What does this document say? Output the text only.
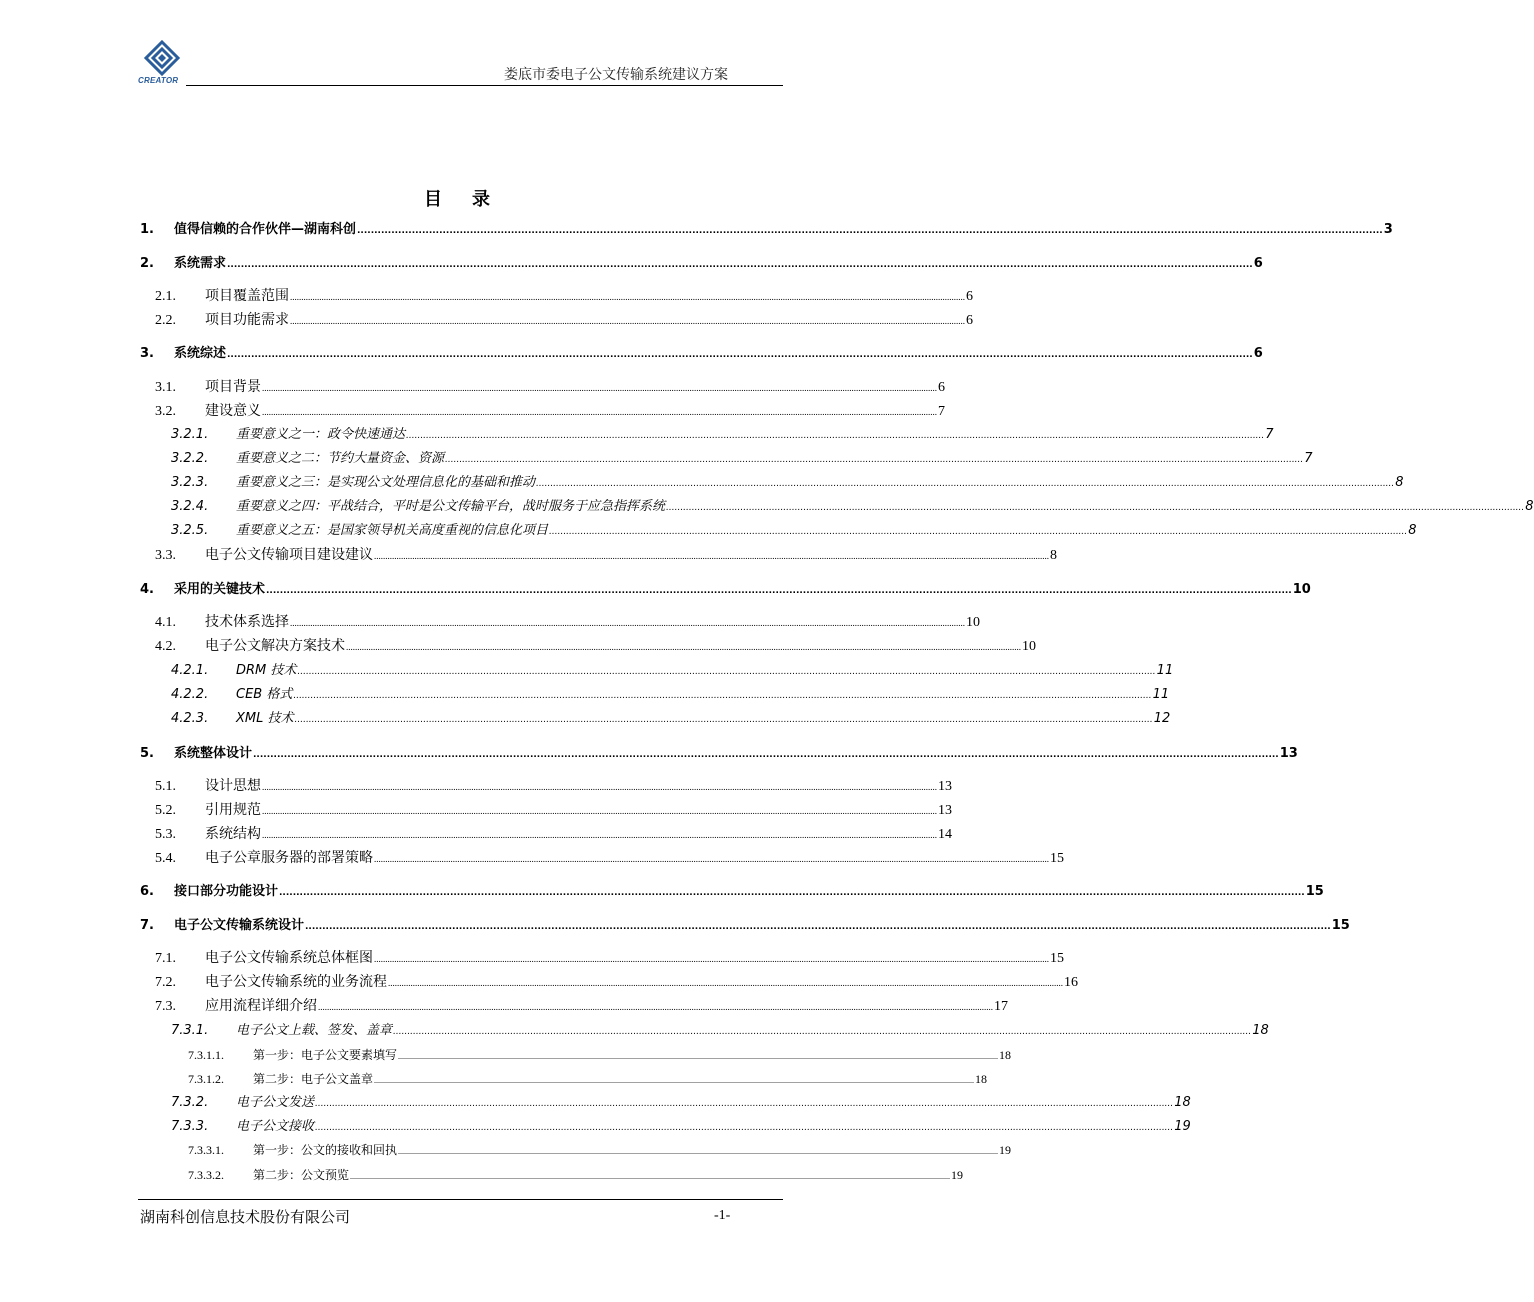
CREATOR	娄底市委电子公文传输系统建议方案
目　录
1.	值得信赖的合作伙伴—湖南科创 ............................................................................................................................................................................................................................................................................................................ 3
2.	系统需求 ............................................................................................................................................................................................................................................................................................................ 6
2.1.	项目覆盖范围 ............................................................................................................................................................................................................................................................................................................ 6
2.2.	项目功能需求 ............................................................................................................................................................................................................................................................................................................ 6
3.	系统综述 ............................................................................................................................................................................................................................................................................................................ 6
3.1.	项目背景 ............................................................................................................................................................................................................................................................................................................ 6
3.2.	建设意义 ............................................................................................................................................................................................................................................................................................................ 7
3.2.1.	重要意义之一：政令快速通达 ............................................................................................................................................................................................................................................................................................................ 7
3.2.2.	重要意义之二：节约大量资金、资源 ............................................................................................................................................................................................................................................................................................................ 7
3.2.3.	重要意义之三：是实现公文处理信息化的基础和推动 ............................................................................................................................................................................................................................................................................................................ 8
3.2.4.	重要意义之四：平战结合，平时是公文传输平台，战时服务于应急指挥系统 ............................................................................................................................................................................................................................................................................................................ 8
3.2.5.	重要意义之五：是国家领导机关高度重视的信息化项目 ............................................................................................................................................................................................................................................................................................................ 8
3.3.	电子公文传输项目建设建议 ............................................................................................................................................................................................................................................................................................................ 8
4.	采用的关键技术 ............................................................................................................................................................................................................................................................................................................ 10
4.1.	技术体系选择 ............................................................................................................................................................................................................................................................................................................ 10
4.2.	电子公文解决方案技术 ............................................................................................................................................................................................................................................................................................................ 10
4.2.1.	DRM 技术 ............................................................................................................................................................................................................................................................................................................ 11
4.2.2.	CEB 格式 ............................................................................................................................................................................................................................................................................................................ 11
4.2.3.	XML 技术 ............................................................................................................................................................................................................................................................................................................ 12
5.	系统整体设计 ............................................................................................................................................................................................................................................................................................................ 13
5.1.	设计思想 ............................................................................................................................................................................................................................................................................................................ 13
5.2.	引用规范 ............................................................................................................................................................................................................................................................................................................ 13
5.3.	系统结构 ............................................................................................................................................................................................................................................................................................................ 14
5.4.	电子公章服务器的部署策略 ............................................................................................................................................................................................................................................................................................................ 15
6.	接口部分功能设计 ............................................................................................................................................................................................................................................................................................................ 15
7.	电子公文传输系统设计 ............................................................................................................................................................................................................................................................................................................ 15
7.1.	电子公文传输系统总体框图 ............................................................................................................................................................................................................................................................................................................ 15
7.2.	电子公文传输系统的业务流程 ............................................................................................................................................................................................................................................................................................................ 16
7.3.	应用流程详细介绍 ............................................................................................................................................................................................................................................................................................................ 17
7.3.1.	电子公文上载、签发、盖章 ............................................................................................................................................................................................................................................................................................................ 18
7.3.1.1.	第一步：电子公文要素填写 ............................................................................................................................................................................................................................................................................................................ 18
7.3.1.2.	第二步：电子公文盖章 ............................................................................................................................................................................................................................................................................................................ 18
7.3.2.	电子公文发送 ............................................................................................................................................................................................................................................................................................................ 18
7.3.3.	电子公文接收 ............................................................................................................................................................................................................................................................................................................ 19
7.3.3.1.	第一步：公文的接收和回执 ............................................................................................................................................................................................................................................................................................................ 19
7.3.3.2.	第二步：公文预览 ............................................................................................................................................................................................................................................................................................................ 19
湖南科创信息技术股份有限公司	-1-
